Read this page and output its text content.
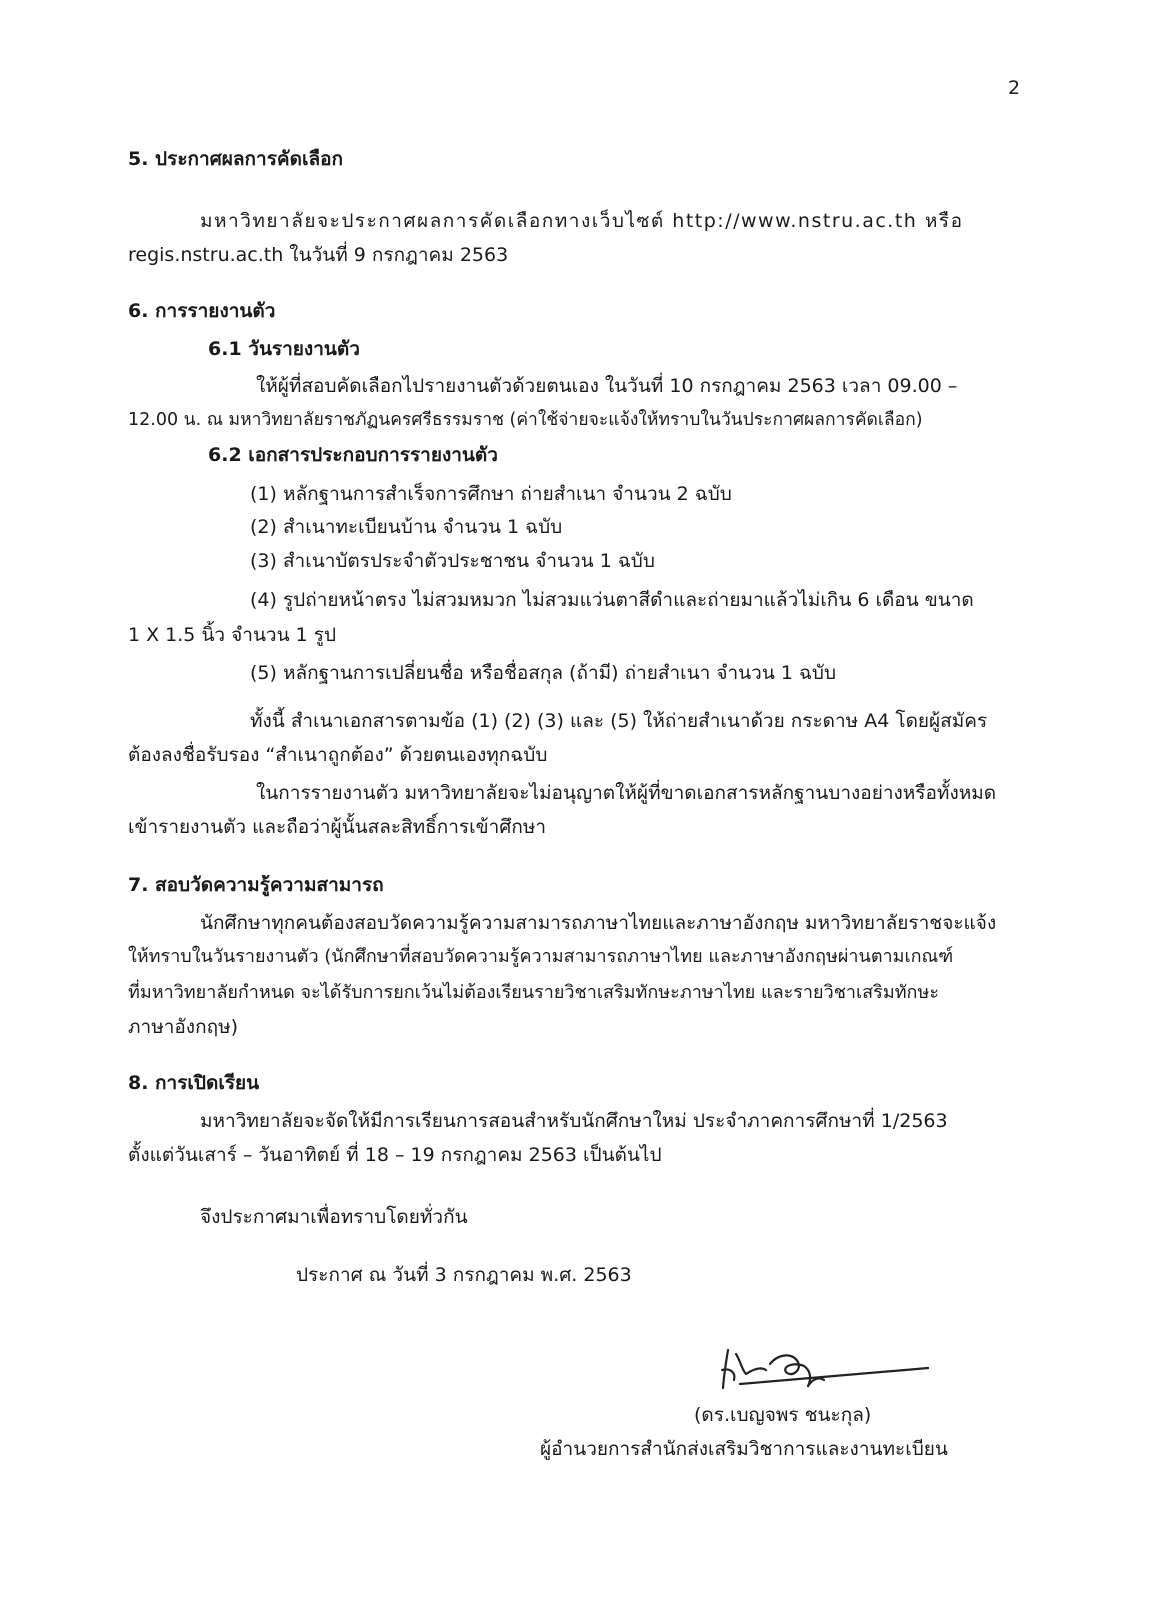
2
5. ประกาศผลการคัดเลือก
มหาวิทยาลัยจะประกาศผลการคัดเลือกทางเว็บไซต์ http://www.nstru.ac.th หรือ
regis.nstru.ac.th ในวันที่ 9 กรกฎาคม 2563
6. การรายงานตัว
6.1 วันรายงานตัว
ให้ผู้ที่สอบคัดเลือกไปรายงานตัวด้วยตนเอง ในวันที่ 10 กรกฎาคม 2563 เวลา 09.00 –
12.00 น. ณ มหาวิทยาลัยราชภัฏนครศรีธรรมราช (ค่าใช้จ่ายจะแจ้งให้ทราบในวันประกาศผลการคัดเลือก)
6.2 เอกสารประกอบการรายงานตัว
(1) หลักฐานการสำเร็จการศึกษา ถ่ายสำเนา จำนวน 2 ฉบับ
(2) สำเนาทะเบียนบ้าน จำนวน 1 ฉบับ
(3) สำเนาบัตรประจำตัวประชาชน จำนวน 1 ฉบับ
(4) รูปถ่ายหน้าตรง ไม่สวมหมวก ไม่สวมแว่นตาสีดำและถ่ายมาแล้วไม่เกิน 6 เดือน ขนาด
1 X 1.5 นิ้ว จำนวน 1 รูป
(5) หลักฐานการเปลี่ยนชื่อ หรือชื่อสกุล (ถ้ามี) ถ่ายสำเนา จำนวน 1 ฉบับ
ทั้งนี้ สำเนาเอกสารตามข้อ (1) (2) (3) และ (5) ให้ถ่ายสำเนาด้วย กระดาษ A4 โดยผู้สมัคร
ต้องลงชื่อรับรอง “สำเนาถูกต้อง” ด้วยตนเองทุกฉบับ
ในการรายงานตัว มหาวิทยาลัยจะไม่อนุญาตให้ผู้ที่ขาดเอกสารหลักฐานบางอย่างหรือทั้งหมด
เข้ารายงานตัว และถือว่าผู้นั้นสละสิทธิ์การเข้าศึกษา
7. สอบวัดความรู้ความสามารถ
นักศึกษาทุกคนต้องสอบวัดความรู้ความสามารถภาษาไทยและภาษาอังกฤษ มหาวิทยาลัยราชจะแจ้ง
ให้ทราบในวันรายงานตัว (นักศึกษาที่สอบวัดความรู้ความสามารถภาษาไทย และภาษาอังกฤษผ่านตามเกณฑ์
ที่มหาวิทยาลัยกำหนด จะได้รับการยกเว้นไม่ต้องเรียนรายวิชาเสริมทักษะภาษาไทย และรายวิชาเสริมทักษะ
ภาษาอังกฤษ)
8. การเปิดเรียน
มหาวิทยาลัยจะจัดให้มีการเรียนการสอนสำหรับนักศึกษาใหม่ ประจำภาคการศึกษาที่ 1/2563
ตั้งแต่วันเสาร์ – วันอาทิตย์ ที่ 18 – 19 กรกฎาคม 2563 เป็นต้นไป
จึงประกาศมาเพื่อทราบโดยทั่วกัน
ประกาศ ณ วันที่ 3 กรกฎาคม พ.ศ. 2563
(ดร.เบญจพร ชนะกุล)
ผู้อำนวยการสำนักส่งเสริมวิชาการและงานทะเบียน
